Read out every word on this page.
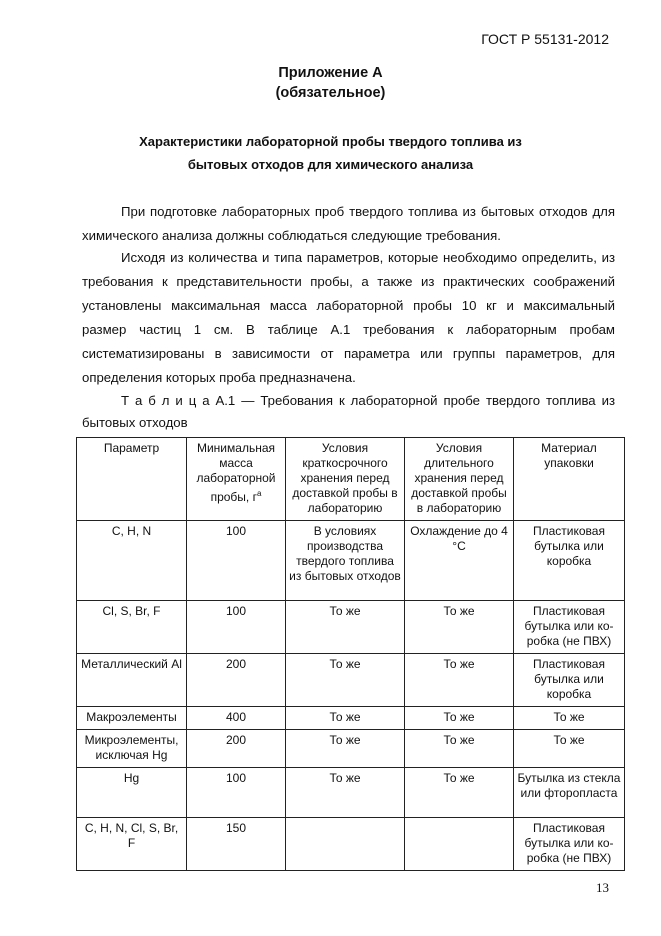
ГОСТ Р 55131-2012
Приложение А
(обязательное)
Характеристики лабораторной пробы твердого топлива из
бытовых отходов для химического анализа
При подготовке лабораторных проб твердого топлива из бытовых отходов для
химического анализа должны соблюдаться следующие требования.
Исходя из количества и типа параметров, которые необходимо определить, из
требования к представительности пробы, а также из практических соображений
установлены максимальная масса лабораторной пробы 10 кг и максимальный
размер частиц 1 см. В таблице А.1 требования к лабораторным пробам
систематизированы в зависимости от параметра или группы параметров, для
определения которых проба предназначена.
Т а б л и ц а А.1 — Требования к лабораторной пробе твердого топлива из
бытовых отходов
Параметр	Минимальная масса лабораторной пробы, $г^а$	Условия краткосрочного хранения перед доставкой пробы в лабораторию	Условия длительного хранения перед доставкой пробы в лабораторию	Материал упаковки
C, H, N	100	В условиях производства твердого топлива из бытовых отходов	Охлаждение до 4 °С	Пластиковая бутылка или коробка
Cl, S, Br, F	100	То же	То же	Пластиковая бутылка или ко-робка (не ПВХ)
Металлический Al	200	То же	То же	Пластиковая бутылка или коробка
Макроэлементы	400	То же	То же	То же
Микроэлементы, исключая Hg	200	То же	То же	То же
Hg	100	То же	То же	Бутылка из стекла или фторопласта
C, H, N, Cl, S, Br, F	150			Пластиковая бутылка или ко-робка (не ПВХ)
13
